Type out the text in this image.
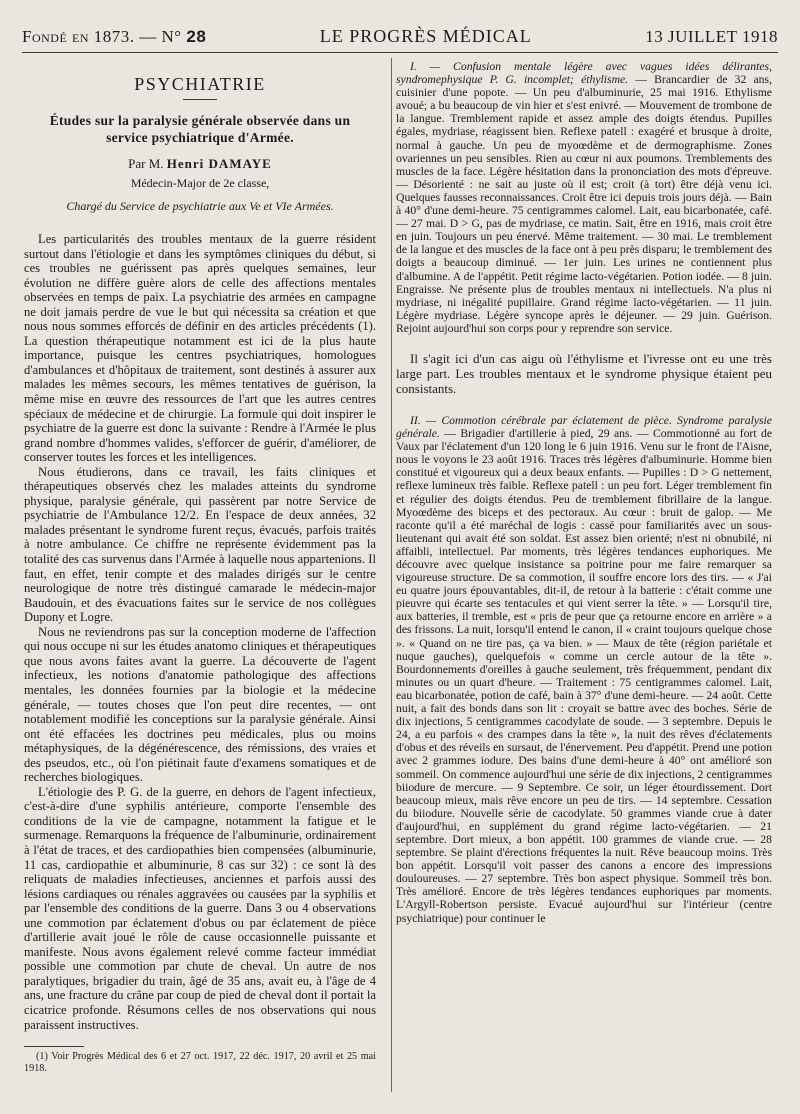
Fondé en 1873. — N° 28	LE PROGRÈS MÉDICAL	13 JUILLET 1918
PSYCHIATRIE
Études sur la paralysie générale observée dans un service psychiatrique d'Armée.
Par M. Henri DAMAYE
Médecin-Major de 2e classe,
Chargé du Service de psychiatrie aux Ve et VIe Armées.

Les particularités des troubles mentaux de la guerre résident surtout dans l'étiologie et dans les symptômes cliniques du début, si ces troubles ne guérissent pas après quelques semaines, leur évolution ne diffère guère alors de celle des affections mentales observées en temps de paix. La psychiatrie des armées en campagne ne doit jamais perdre de vue le but qui nécessita sa création et que nous nous sommes efforcés de définir en des articles précédents (1). La question thérapeutique notamment est ici de la plus haute importance, puisque les centres psychiatriques, homologues d'ambulances et d'hôpitaux de traitement, sont destinés à assurer aux malades les mêmes secours, les mêmes tentatives de guérison, la même mise en œuvre des ressources de l'art que les autres centres spéciaux de médecine et de chirurgie. La formule qui doit inspirer le psychiatre de la guerre est donc la suivante : Rendre à l'Armée le plus grand nombre d'hommes valides, s'efforcer de guérir, d'améliorer, de conserver toutes les forces et les intelligences.

Nous étudierons, dans ce travail, les faits cliniques et thérapeutiques observés chez les malades atteints du syndrome physique, paralysie générale, qui passèrent par notre Service de psychiatrie de l'Ambulance 12/2. En l'espace de deux années, 32 malades présentant le syndrome furent reçus, évacués, parfois traités à notre ambulance. Ce chiffre ne représente évidemment pas la totalité des cas survenus dans l'Armée à laquelle nous appartenions. Il faut, en effet, tenir compte et des malades dirigés sur le centre neurologique de notre très distingué camarade le médecin-major Baudouin, et des évacuations faites sur le service de nos collègues Dupony et Logre.

Nous ne reviendrons pas sur la conception moderne de l'affection qui nous occupe ni sur les études anatomo cliniques et thérapeutiques que nous avons faites avant la guerre. La découverte de l'agent infectieux, les notions d'anatomie pathologique des affections mentales, les données fournies par la biologie et la médecine générale, — toutes choses que l'on peut dire recentes, — ont notablement modifié les conceptions sur la paralysie générale. Ainsi ont été effacées les doctrines peu médicales, plus ou moins métaphysiques, de la dégénérescence, des rémissions, des vraies et des pseudos, etc., où l'on piétinait faute d'examens somatiques et de recherches biologiques.

L'étiologie des P. G. de la guerre, en dehors de l'agent infectieux, c'est-à-dire d'une syphilis antérieure, comporte l'ensemble des conditions de la vie de campagne, notamment la fatigue et le surmenage. Remarquons la fréquence de l'albuminurie, ordinairement à l'état de traces, et des cardiopathies bien compensées (albuminurie, 11 cas, cardiopathie et albuminurie, 8 cas sur 32) : ce sont là des reliquats de maladies infectieuses, anciennes et parfois aussi des lésions cardiaques ou rénales aggravées ou causées par la syphilis et par l'ensemble des conditions de la guerre. Dans 3 ou 4 observations une commotion par éclatement d'obus ou par éclatement de pièce d'artillerie avait joué le rôle de cause occasionnelle puissante et manifeste. Nous avons également relevé comme facteur immédiat possible une commotion par chute de cheval. Un autre de nos paralytiques, brigadier du train, âgé de 35 ans, avait eu, à l'âge de 4 ans, une fracture du crâne par coup de pied de cheval dont il portait la cicatrice profonde. Résumons celles de nos observations qui nous paraissent instructives.

(1) Voir Progrès Médical des 6 et 27 oct. 1917, 22 déc. 1917, 20 avril et 25 mai 1918.

I. — Confusion mentale légère avec vagues idées délirantes, syndromephysique P. G. incomplet; éthylisme. — Brancardier de 32 ans, cuisinier d'une popote. — Un peu d'albuminurie, 25 mai 1916. Ethylisme avoué; a bu beaucoup de vin hier et s'est enivré. — Mouvement de trombone de la langue. Tremblement rapide et assez ample des doigts étendus. Pupilles égales, mydriase, réagissent bien. Reflexe patell : exagéré et brusque à droite, normal à gauche. Un peu de myoœdème et de dermographisme. Zones ovariennes un peu sensibles. Rien au cœur ni aux poumons. Tremblements des muscles de la face. Légère hésitation dans la prononciation des mots d'épreuve. — Désorienté : ne sait au juste où il est; croit (à tort) être déjà venu ici. Quelques fausses reconnaissances. Croit être ici depuis trois jours déjà. — Bain à 40° d'une demi-heure. 75 centigrammes calomel. Lait, eau bicarbonatée, café. — 27 mai. D > G, pas de mydriase, ce matin. Sait, être en 1916, mais croit être en juin. Toujours un peu énervé. Même traitement. — 30 mai. Le tremblement de la langue et des muscles de la face ont à peu près disparu; le tremblement des doigts a beaucoup diminué. — 1er juin. Les urines ne contiennent plus d'albumine. A de l'appétit. Petit régime lacto-végétarien. Potion iodée. — 8 juin. Engraisse. Ne présente plus de troubles mentaux ni intellectuels. N'a plus ni mydriase, ni inégalité pupillaire. Grand régime lacto-végétarien. — 11 juin. Légère mydriase. Légère syncope après le déjeuner. — 29 juin. Guérison. Rejoint aujourd'hui son corps pour y reprendre son service.

Il s'agit ici d'un cas aigu où l'éthylisme et l'ivresse ont eu une très large part. Les troubles mentaux et le syndrome physique étaient peu consistants.

II. — Commotion cérébrale par éclatement de pièce. Syndrome paralysie générale. — Brigadier d'artillerie à pied, 29 ans. — Commotionné au fort de Vaux par l'éclatement d'un 120 long le 6 juin 1916. Venu sur le front de l'Aisne, nous le voyons le 23 août 1916. Traces très légères d'albuminurie. Homme bien constitué et vigoureux qui a deux beaux enfants. — Pupilles : D > G nettement, reflexe lumineux très faible. Reflexe patell : un peu fort. Léger tremblement fin et régulier des doigts étendus. Peu de tremblement fibrillaire de la langue. Myoœdème des biceps et des pectoraux. Au cœur : bruit de galop. — Me raconte qu'il a été maréchal de logis : cassé pour familiarités avec un sous-lieutenant qui avait été son soldat. Est assez bien orienté; n'est ni obnubilé, ni affaibli, intellectuel. Par moments, très légères tendances euphoriques. Me découvre avec quelque insistance sa poitrine pour me faire remarquer sa vigoureuse structure. De sa commotion, il souffre encore lors des tirs. — « J'ai eu quatre jours épouvantables, dit-il, de retour à la batterie : c'était comme une pieuvre qui écarte ses tentacules et qui vient serrer la tête. » — Lorsqu'il tire, aux batteries, il tremble, est « pris de peur que ça retourne encore en arrière » a des frissons. La nuit, lorsqu'il entend le canon, il « craint toujours quelque chose ». « Quand on ne tire pas, ça va bien. » — Maux de tête (région pariétale et nuque gauches), quelquefois « comme un cercle autour de la tête ». Bourdonnements d'oreilles à gauche seulement, très fréquemment, pendant dix minutes ou un quart d'heure. — Traitement : 75 centigrammes calomel. Lait, eau bicarbonatée, potion de café, bain à 37° d'une demi-heure. — 24 août. Cette nuit, a fait des bonds dans son lit : croyait se battre avec des boches. Série de dix injections, 5 centigrammes cacodylate de soude. — 3 septembre. Depuis le 24, a eu parfois « des crampes dans la tête », la nuit des rêves d'éclatements d'obus et des réveils en sursaut, de l'énervement. Peu d'appétit. Prend une potion avec 2 grammes iodure. Des bains d'une demi-heure à 40° ont amélioré son sommeil. On commence aujourd'hui une série de dix injections, 2 centigrammes biiodure de mercure. — 9 Septembre. Ce soir, un léger étourdissement. Dort beaucoup mieux, mais rêve encore un peu de tirs. — 14 septembre. Cessation du biiodure. Nouvelle série de cacodylate. 50 grammes viande crue à dater d'aujourd'hui, en supplément du grand régime lacto-végétarien. — 21 septembre. Dort mieux, a bon appétit. 100 grammes de viande crue. — 28 septembre. Se plaint d'érections fréquentes la nuit. Rêve beaucoup moins. Très bon appétit. Lorsqu'il voit passer des canons a encore des impressions douloureuses. — 27 septembre. Très bon aspect physique. Sommeil très bon. Très amélioré. Encore de très légères tendances euphoriques par moments. L'Argyll-Robertson persiste. Evacué aujourd'hui sur l'intérieur (centre psychiatrique) pour continuer le
